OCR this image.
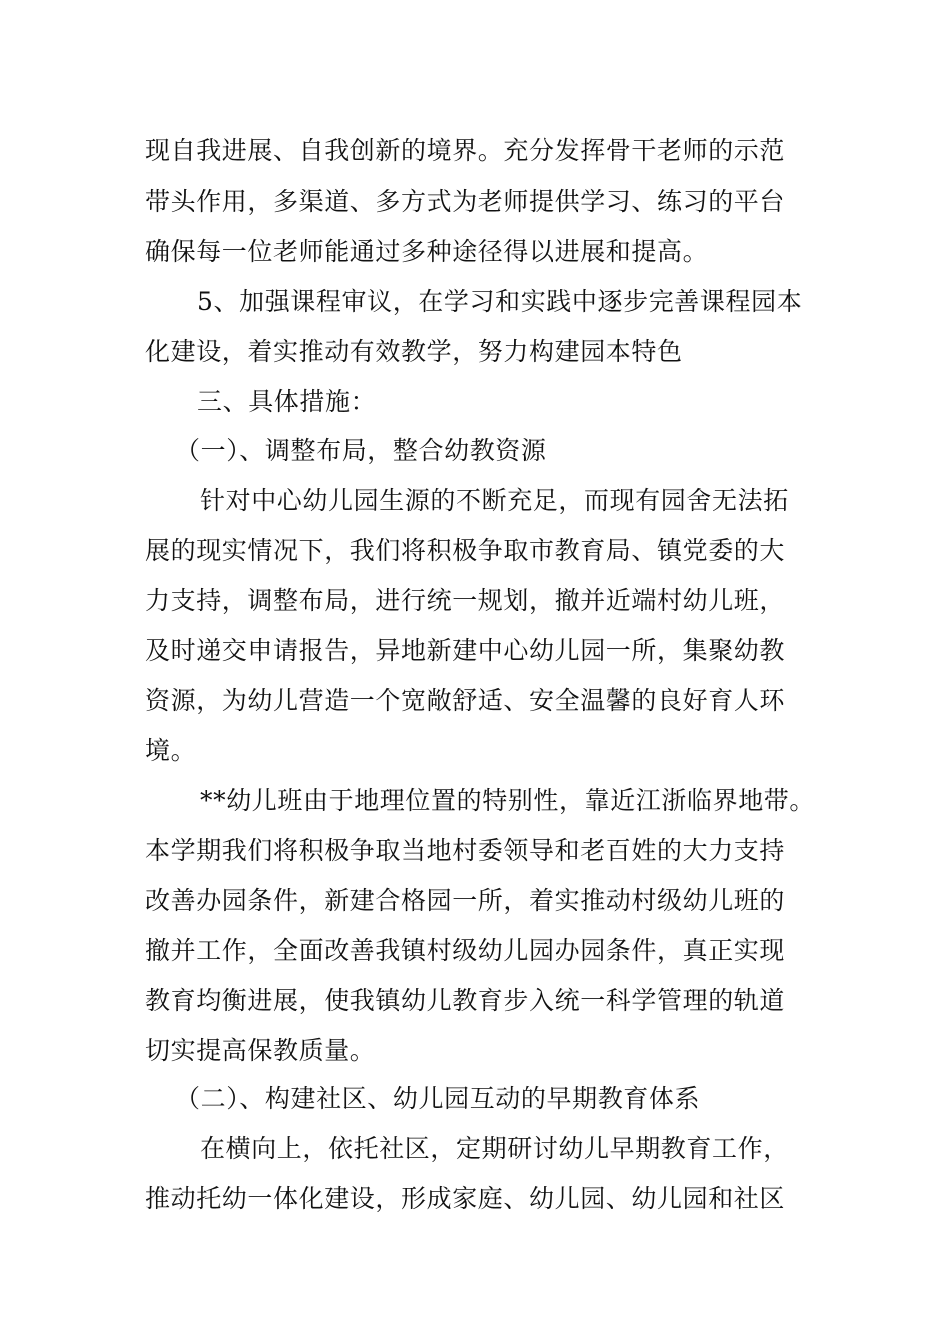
现自我进展、自我创新的境界。充分发挥骨干老师的示范
带头作用，多渠道、多方式为老师提供学习、练习的平台
确保每一位老师能通过多种途径得以进展和提高。
5、加强课程审议，在学习和实践中逐步完善课程园本
化建设，着实推动有效教学，努力构建园本特色
三、具体措施：
（一）、调整布局，整合幼教资源
针对中心幼儿园生源的不断充足，而现有园舍无法拓
展的现实情况下，我们将积极争取市教育局、镇党委的大
力支持，调整布局，进行统一规划，撤并近端村幼儿班，
及时递交申请报告，异地新建中心幼儿园一所，集聚幼教
资源，为幼儿营造一个宽敞舒适、安全温馨的良好育人环
境。
**幼儿班由于地理位置的特别性，靠近江浙临界地带。
本学期我们将积极争取当地村委领导和老百姓的大力支持
改善办园条件，新建合格园一所，着实推动村级幼儿班的
撤并工作，全面改善我镇村级幼儿园办园条件，真正实现
教育均衡进展，使我镇幼儿教育步入统一科学管理的轨道
切实提高保教质量。
（二）、构建社区、幼儿园互动的早期教育体系
在横向上，依托社区，定期研讨幼儿早期教育工作，
推动托幼一体化建设，形成家庭、幼儿园、幼儿园和社区
